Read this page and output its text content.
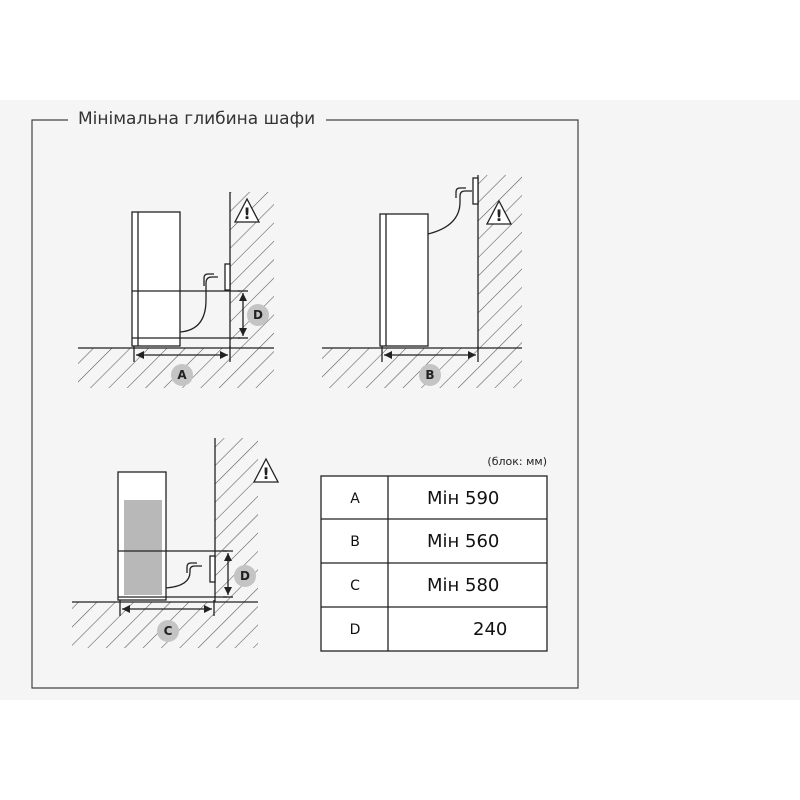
Мінімальна глибина шафи
!
A
D
!
B
!
C
D
(блок: мм)
A	Мін 590
B	Мін 560
C	Мін 580
D	240
